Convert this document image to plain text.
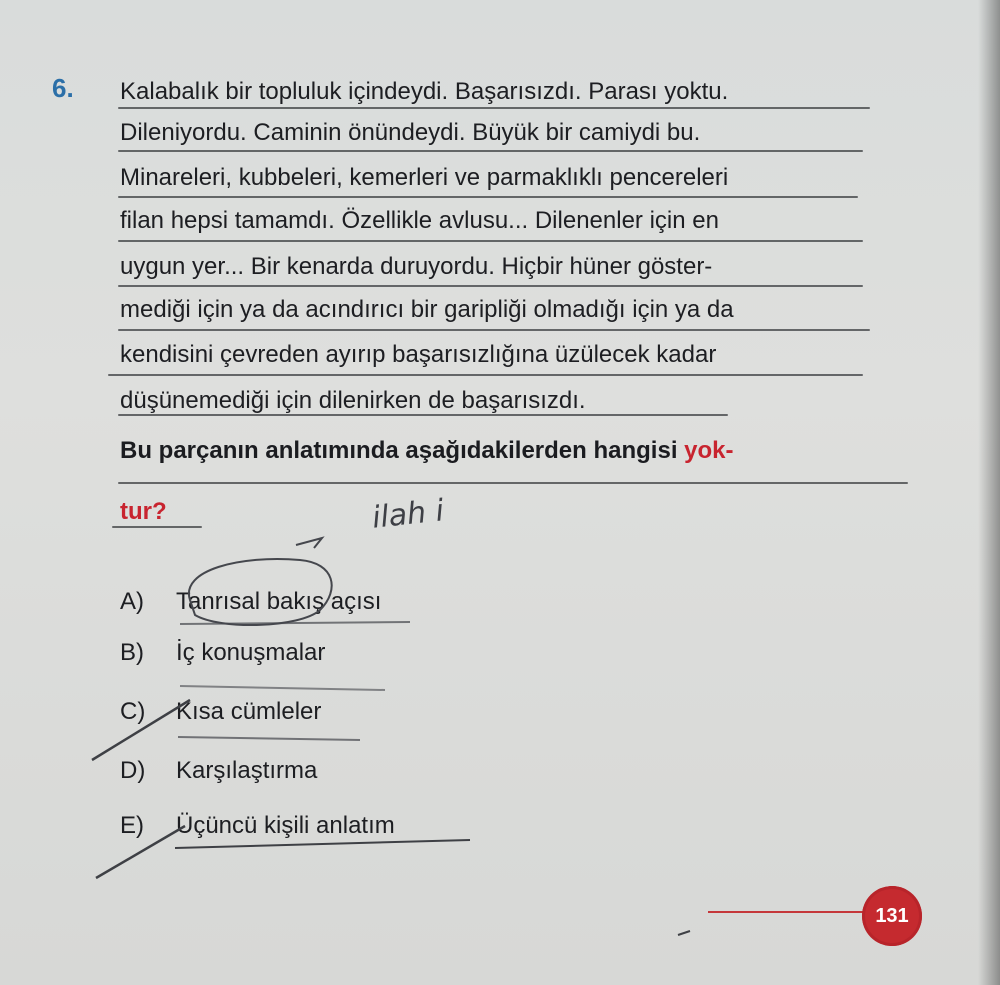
6. Kalabalık bir topluluk içindeydi. Başarısızdı. Parası yoktu.
Dileniyordu. Caminin önündeydi. Büyük bir camiydi bu.
Minareleri, kubbeleri, kemerleri ve parmaklıklı pencereleri
filan hepsi tamamdı. Özellikle avlusu... Dilenenler için en
uygun yer... Bir kenarda duruyordu. Hiçbir hüner göster-
mediği için ya da acındırıcı bir garipliği olmadığı için ya da
kendisini çevreden ayırıp başarısızlığına üzülecek kadar
düşünemediği için dilenirken de başarısızdı.
Bu parçanın anlatımında aşağıdakilerden hangisi yok-
tur?	ilah i
A) Tanrısal bakış açısı
B) İç konuşmalar
C) Kısa cümleler
D) Karşılaştırma
E) Üçüncü kişili anlatım
131
